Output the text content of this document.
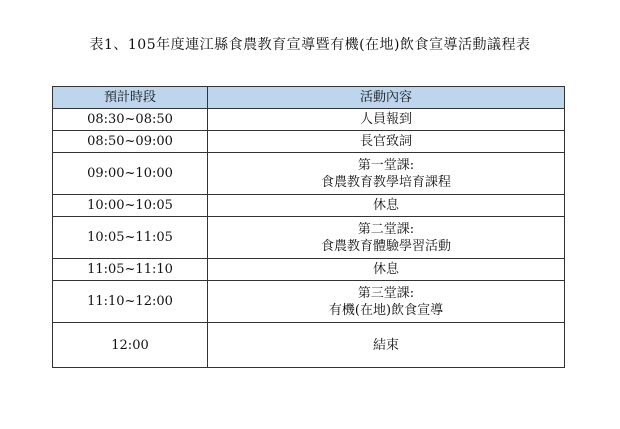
表1、105年度連江縣食農教育宣導暨有機(在地)飲食宣導活動議程表
預計時段	活動內容
08:30~08:50	人員報到

08:50~09:00	長官致詞

09:00~10:00	第一堂課:
食農教育教學培育課程

10:00~10:05	休息

10:05~11:05	第二堂課:
食農教育體驗學習活動

11:05~11:10	休息

11:10~12:00	第三堂課:
有機(在地)飲食宣導

12:00	結束
